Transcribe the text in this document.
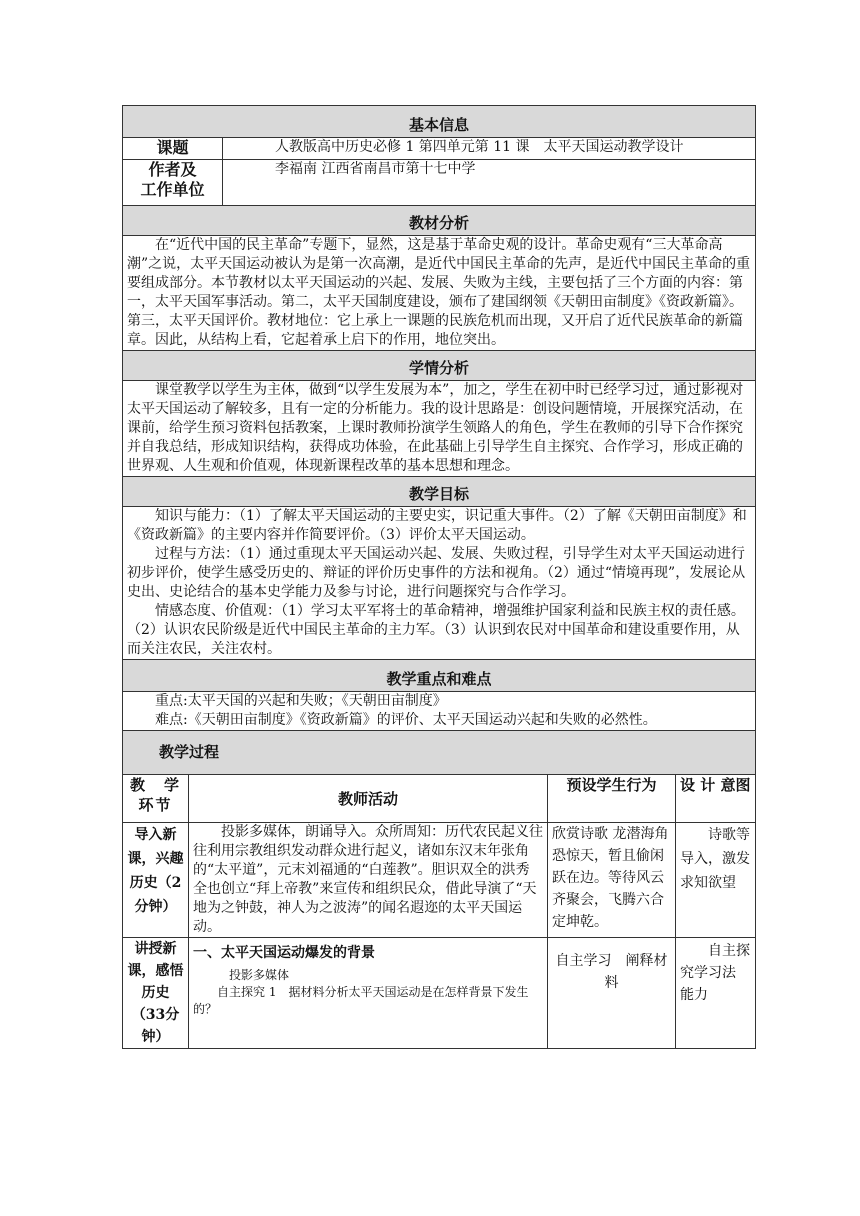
基本信息	
课题	人教版高中历史必修 1 第四单元第 11 课　太平天国运动教学设计

作者及
工作单位	李福南 江西省南昌市第十七中学
教材分析	

在“近代中国的民主革命”专题下，显然，这是基于革命史观的设计。革命史观有“三大革命高潮”之说，太平天国运动被认为是第一次高潮，是近代中国民主革命的先声，是近代中国民主革命的重要组成部分。本节教材以太平天国运动的兴起、发展、失败为主线，主要包括了三个方面的内容：第一，太平天国军事活动。第二，太平天国制度建设，颁布了建国纲领《天朝田亩制度》《资政新篇》。第三，太平天国评价。教材地位：它上承上一课题的民族危机而出现，又开启了近代民族革命的新篇章。因此，从结构上看，它起着承上启下的作用，地位突出。	

学情分析	

课堂教学以学生为主体，做到“以学生发展为本”，加之，学生在初中时已经学习过，通过影视对太平天国运动了解较多，且有一定的分析能力。我的设计思路是：创设问题情境，开展探究活动，在课前，给学生预习资料包括教案，上课时教师扮演学生领路人的角色，学生在教师的引导下合作探究并自我总结，形成知识结构，获得成功体验，在此基础上引导学生自主探究、合作学习，形成正确的世界观、人生观和价值观，体现新课程改革的基本思想和理念。	

教学目标	

知识与能力：（1）了解太平天国运动的主要史实，识记重大事件。（2）了解《天朝田亩制度》和《资政新篇》的主要内容并作简要评价。（3）评价太平天国运动。

过程与方法：（1）通过重现太平天国运动兴起、发展、失败过程，引导学生对太平天国运动进行初步评价，使学生感受历史的、辩证的评价历史事件的方法和视角。（2）通过“情境再现”，发展论从史出、史论结合的基本史学能力及参与讨论，进行问题探究与合作学习。

情感态度、价值观：（1）学习太平军将士的革命精神，增强维护国家利益和民族主权的责任感。（2）认识农民阶级是近代中国民主革命的主力军。（3）认识到农民对中国革命和建设重要作用，从而关注农民，关注农村。	

教学重点和难点	

重点:太平天国的兴起和失败；《天朝田亩制度》

难点:《天朝田亩制度》《资政新篇》的评价、太平天国运动兴起和失败的必然性。	

教学过程			
教　学环节	教师活动	预设学生行为	设 计 意图
导入新课，兴趣历史（2分钟）	投影多媒体，朗诵导入。众所周知：历代农民起义往往利用宗教组织发动群众进行起义，诸如东汉末年张角的“太平道”，元末刘福通的“白莲教”。胆识双全的洪秀全也创立“拜上帝教”来宣传和组织民众，借此导演了“天地为之钟鼓，神人为之波涛”的闻名遐迩的太平天国运动。	欣赏诗歌 龙潜海角恐惊天，暂且偷闲跃在边。等待风云齐聚会，飞腾六合定坤乾。	诗歌等导入，激发求知欲望
讲授新课，感悟历史（33分钟）	一、太平天国运动爆发的背景
投影多媒体
自主探究 1　据材料分析太平天国运动是在怎样背景下发生的？	自主学习　阐释材料	自主探究学习法 能力
